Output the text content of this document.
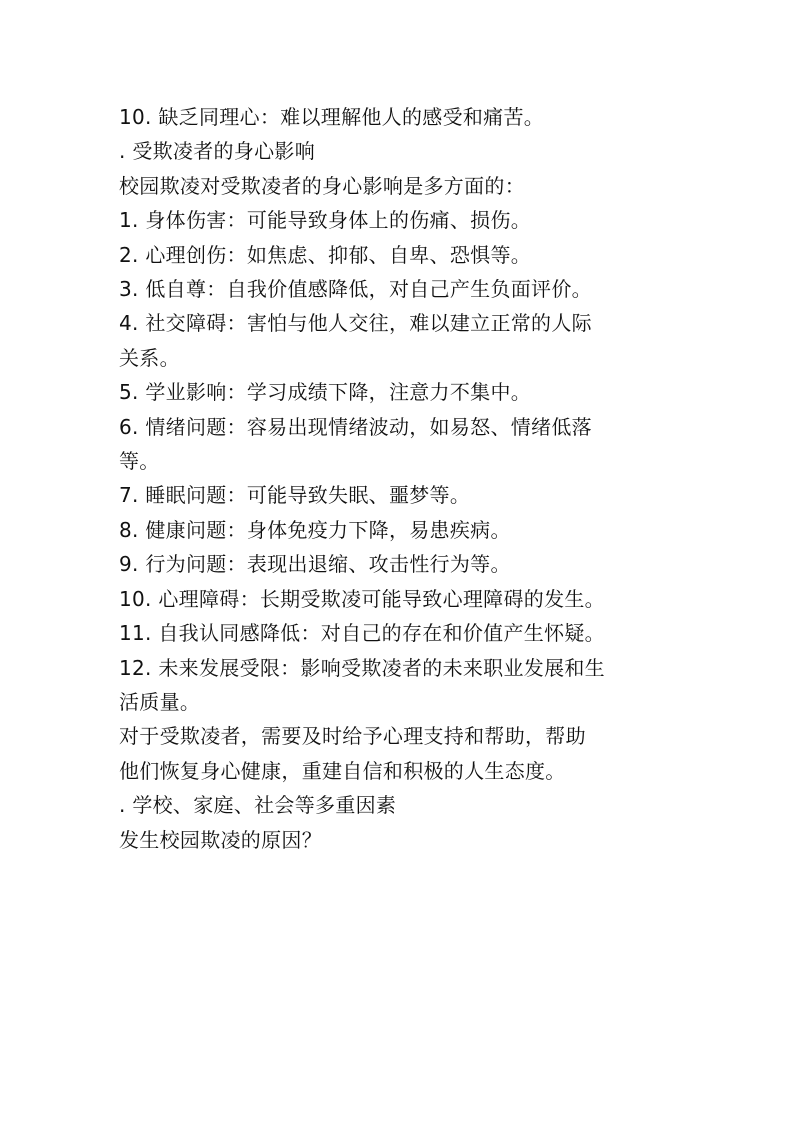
10. 缺乏同理心：难以理解他人的感受和痛苦。
. 受欺凌者的身心影响
校园欺凌对受欺凌者的身心影响是多方面的：
1. 身体伤害：可能导致身体上的伤痛、损伤。
2. 心理创伤：如焦虑、抑郁、自卑、恐惧等。
3. 低自尊：自我价值感降低，对自己产生负面评价。
4. 社交障碍：害怕与他人交往，难以建立正常的人际
关系。
5. 学业影响：学习成绩下降，注意力不集中。
6. 情绪问题：容易出现情绪波动，如易怒、情绪低落
等。
7. 睡眠问题：可能导致失眠、噩梦等。
8. 健康问题：身体免疫力下降，易患疾病。
9. 行为问题：表现出退缩、攻击性行为等。
10. 心理障碍：长期受欺凌可能导致心理障碍的发生。
11. 自我认同感降低：对自己的存在和价值产生怀疑。
12. 未来发展受限：影响受欺凌者的未来职业发展和生
活质量。
对于受欺凌者，需要及时给予心理支持和帮助，帮助
他们恢复身心健康，重建自信和积极的人生态度。
. 学校、家庭、社会等多重因素
发生校园欺凌的原因？
